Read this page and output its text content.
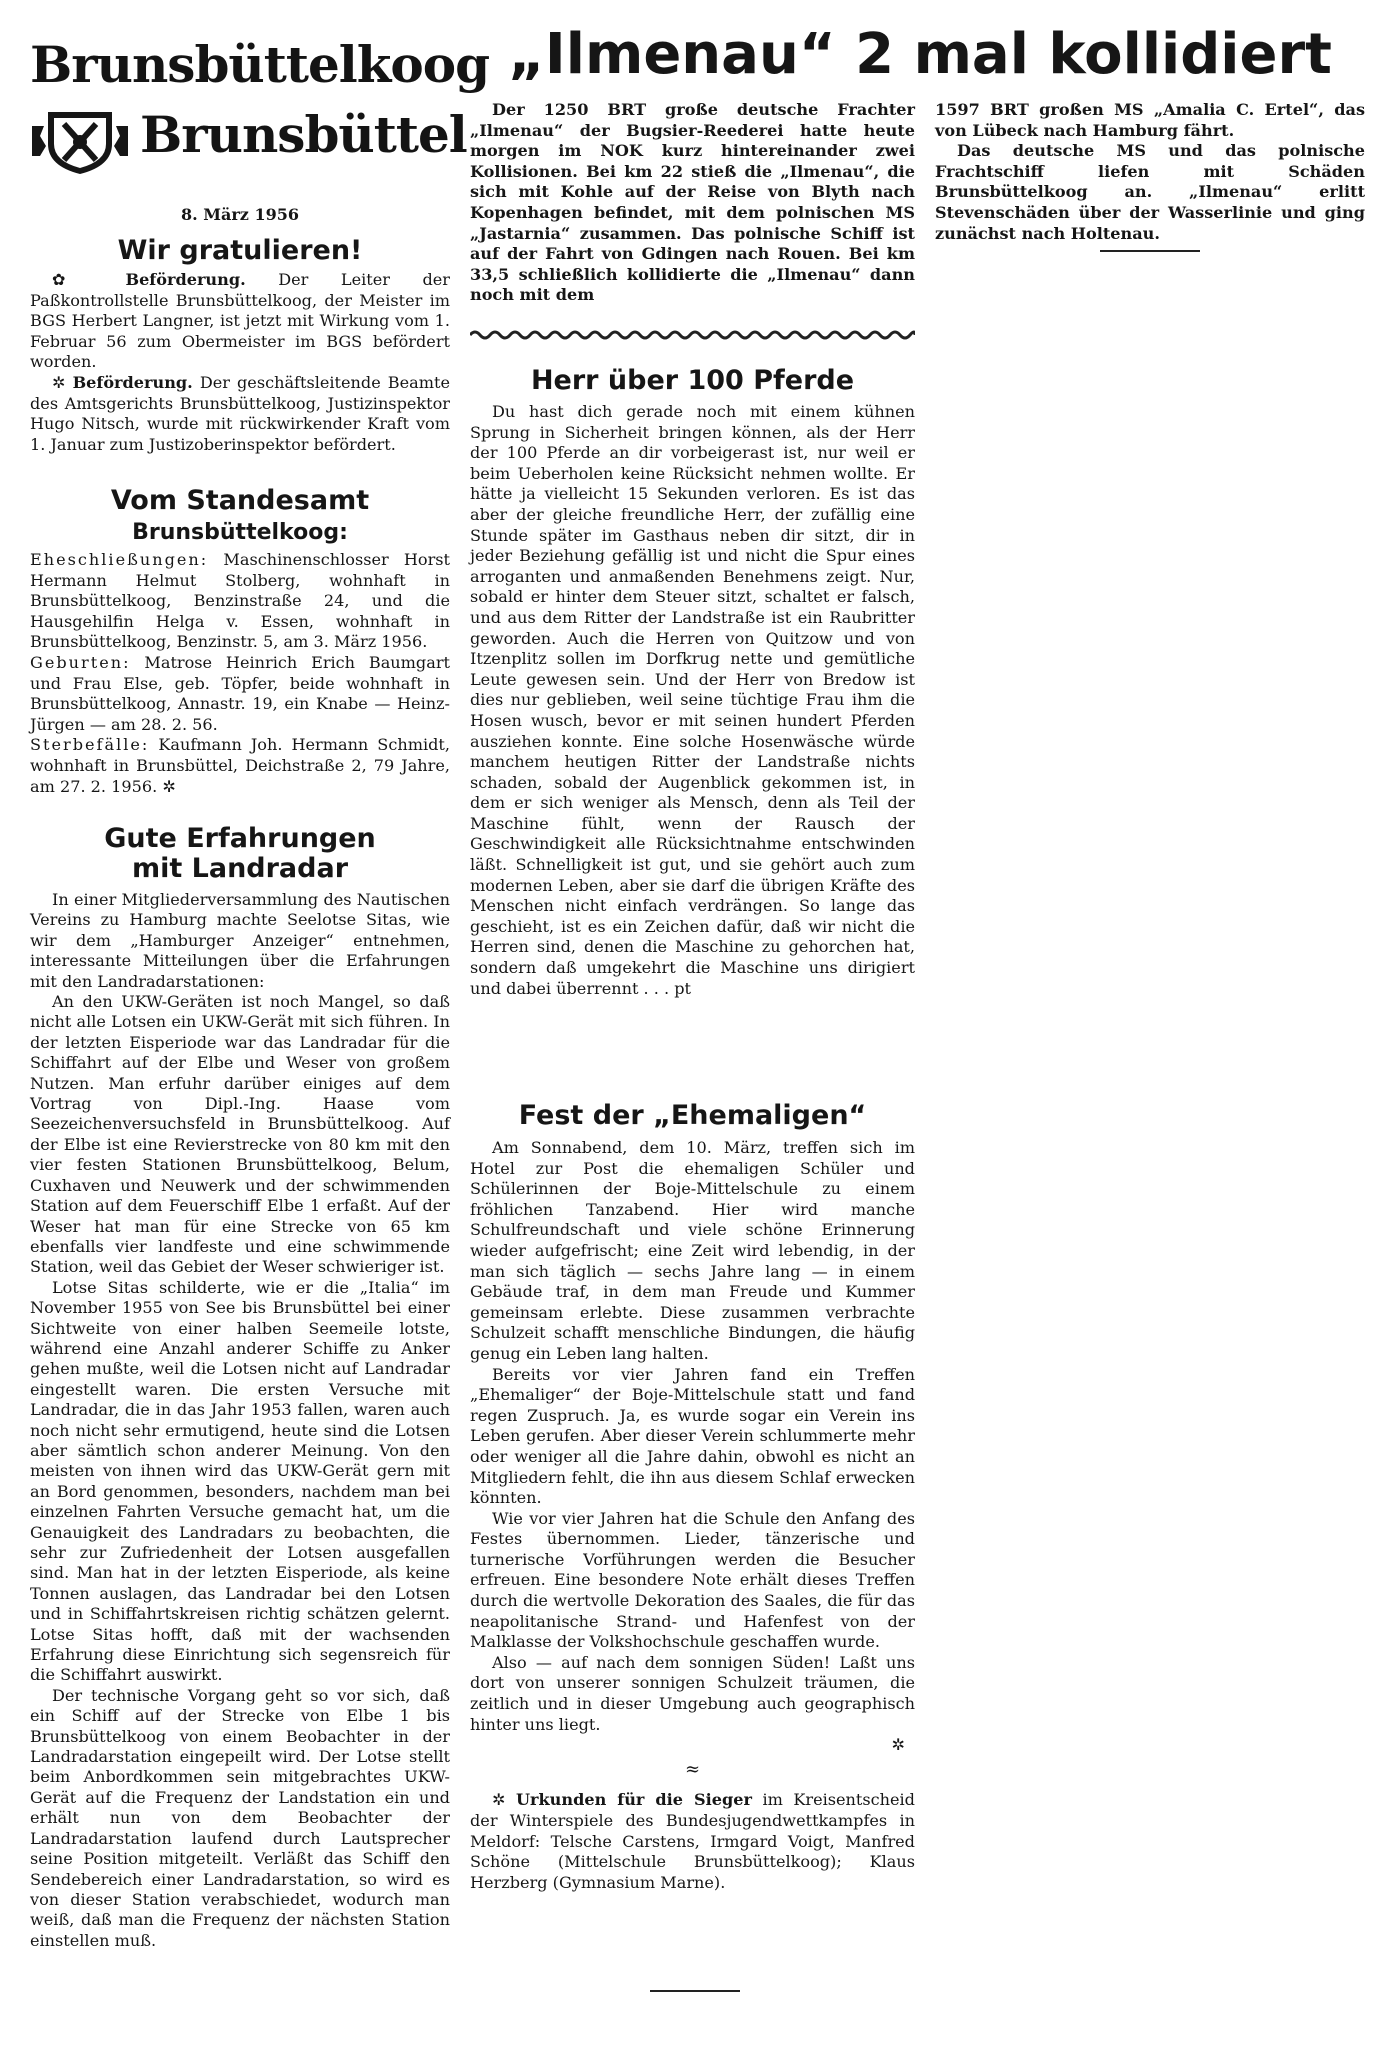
Brunsbüttelkoog
Brunsbüttel
8. März 1956
„Ilmenau“ 2 mal kollidiert
Wir gratulieren!

✿ Beförderung. Der Leiter der Paßkontrollstelle Brunsbüttelkoog, der Meister im BGS Herbert Langner, ist jetzt mit Wirkung vom 1. Februar 56 zum Obermeister im BGS befördert worden.

✲ Beförderung. Der geschäftsleitende Beamte des Amtsgerichts Brunsbüttelkoog, Justizinspektor Hugo Nitsch, wurde mit rückwirkender Kraft vom 1. Januar zum Justizoberinspektor befördert.

Vom Standesamt
Brunsbüttelkoog:

Eheschließungen: Maschinenschlosser Horst Hermann Helmut Stolberg, wohnhaft in Brunsbüttelkoog, Benzinstraße 24, und die Hausgehilfin Helga v. Essen, wohnhaft in Brunsbüttelkoog, Benzinstr. 5, am 3. März 1956.

Geburten: Matrose Heinrich Erich Baumgart und Frau Else, geb. Töpfer, beide wohnhaft in Brunsbüttelkoog, Annastr. 19, ein Knabe — Heinz-Jürgen — am 28. 2. 56.

Sterbefälle: Kaufmann Joh. Hermann Schmidt, wohnhaft in Brunsbüttel, Deichstraße 2, 79 Jahre, am 27. 2. 1956. ✲

Gute Erfahrungen
mit Landradar

In einer Mitgliederversammlung des Nautischen Vereins zu Hamburg machte Seelotse Sitas, wie wir dem „Hamburger Anzeiger“ entnehmen, interessante Mitteilungen über die Erfahrungen mit den Landradarstationen:

An den UKW-Geräten ist noch Mangel, so daß nicht alle Lotsen ein UKW-Gerät mit sich führen. In der letzten Eisperiode war das Landradar für die Schiffahrt auf der Elbe und Weser von großem Nutzen. Man erfuhr darüber einiges auf dem Vortrag von Dipl.-Ing. Haase vom Seezeichenversuchsfeld in Brunsbüttelkoog. Auf der Elbe ist eine Revierstrecke von 80 km mit den vier festen Stationen Brunsbüttelkoog, Belum, Cuxhaven und Neuwerk und der schwimmenden Station auf dem Feuerschiff Elbe 1 erfaßt. Auf der Weser hat man für eine Strecke von 65 km ebenfalls vier landfeste und eine schwimmende Station, weil das Gebiet der Weser schwieriger ist.

Lotse Sitas schilderte, wie er die „Italia“ im November 1955 von See bis Brunsbüttel bei einer Sichtweite von einer halben Seemeile lotste, während eine Anzahl anderer Schiffe zu Anker gehen mußte, weil die Lotsen nicht auf Landradar eingestellt waren. Die ersten Versuche mit Landradar, die in das Jahr 1953 fallen, waren auch noch nicht sehr ermutigend, heute sind die Lotsen aber sämtlich schon anderer Meinung. Von den meisten von ihnen wird das UKW-Gerät gern mit an Bord genommen, besonders, nachdem man bei einzelnen Fahrten Versuche gemacht hat, um die Genauigkeit des Landradars zu beobachten, die sehr zur Zufriedenheit der Lotsen ausgefallen sind. Man hat in der letzten Eisperiode, als keine Tonnen auslagen, das Landradar bei den Lotsen und in Schiffahrtskreisen richtig schätzen gelernt. Lotse Sitas hofft, daß mit der wachsenden Erfahrung diese Einrichtung sich segensreich für die Schiffahrt auswirkt.

Der technische Vorgang geht so vor sich, daß ein Schiff auf der Strecke von Elbe 1 bis Brunsbüttelkoog von einem Beobachter in der Landradarstation eingepeilt wird. Der Lotse stellt beim Anbordkommen sein mitgebrachtes UKW-Gerät auf die Frequenz der Landstation ein und erhält nun von dem Beobachter der Landradarstation laufend durch Lautsprecher seine Position mitgeteilt. Verläßt das Schiff den Sendebereich einer Landradarstation, so wird es von dieser Station verabschiedet, wodurch man weiß, daß man die Frequenz der nächsten Station einstellen muß.

Der 1250 BRT große deutsche Frachter „Ilmenau“ der Bugsier-Reederei hatte heute morgen im NOK kurz hintereinander zwei Kollisionen. Bei km 22 stieß die „Ilmenau“, die sich mit Kohle auf der Reise von Blyth nach Kopenhagen befindet, mit dem polnischen MS „Jastarnia“ zusammen. Das polnische Schiff ist auf der Fahrt von Gdingen nach Rouen. Bei km 33,5 schließlich kollidierte die „Ilmenau“ dann noch mit dem

1597 BRT großen MS „Amalia C. Ertel“, das von Lübeck nach Hamburg fährt.

Das deutsche MS und das polnische Frachtschiff liefen mit Schäden Brunsbüttelkoog an. „Ilmenau“ erlitt Stevenschäden über der Wasserlinie und ging zunächst nach Holtenau.

Herr über 100 Pferde

Du hast dich gerade noch mit einem kühnen Sprung in Sicherheit bringen können, als der Herr der 100 Pferde an dir vorbeigerast ist, nur weil er beim Ueberholen keine Rücksicht nehmen wollte. Er hätte ja vielleicht 15 Sekunden verloren. Es ist das aber der gleiche freundliche Herr, der zufällig eine Stunde später im Gasthaus neben dir sitzt, dir in jeder Beziehung gefällig ist und nicht die Spur eines arroganten und anmaßenden Benehmens zeigt. Nur, sobald er hinter dem Steuer sitzt, schaltet er falsch, und aus dem Ritter der Landstraße ist ein Raubritter geworden. Auch die Herren von Quitzow und von Itzenplitz sollen im Dorfkrug nette und gemütliche Leute gewesen sein. Und der Herr von Bredow ist dies nur geblieben, weil seine tüchtige Frau ihm die Hosen wusch, bevor er mit seinen hundert Pferden ausziehen konnte. Eine solche Hosenwäsche würde manchem heutigen Ritter der Landstraße nichts schaden, sobald der Augenblick gekommen ist, in dem er sich weniger als Mensch, denn als Teil der Maschine fühlt, wenn der Rausch der Geschwindigkeit alle Rücksichtnahme entschwinden läßt. Schnelligkeit ist gut, und sie gehört auch zum modernen Leben, aber sie darf die übrigen Kräfte des Menschen nicht einfach verdrängen. So lange das geschieht, ist es ein Zeichen dafür, daß wir nicht die Herren sind, denen die Maschine zu gehorchen hat, sondern daß umgekehrt die Maschine uns dirigiert und dabei überrennt . . . pt

Fest der „Ehemaligen“

Am Sonnabend, dem 10. März, treffen sich im Hotel zur Post die ehemaligen Schüler und Schülerinnen der Boje-Mittelschule zu einem fröhlichen Tanzabend. Hier wird manche Schulfreundschaft und viele schöne Erinnerung wieder aufgefrischt; eine Zeit wird lebendig, in der man sich täglich — sechs Jahre lang — in einem Gebäude traf, in dem man Freude und Kummer gemeinsam erlebte. Diese zusammen verbrachte Schulzeit schafft menschliche Bindungen, die häufig genug ein Leben lang halten.

Bereits vor vier Jahren fand ein Treffen „Ehemaliger“ der Boje-Mittelschule statt und fand regen Zuspruch. Ja, es wurde sogar ein Verein ins Leben gerufen. Aber dieser Verein schlummerte mehr oder weniger all die Jahre dahin, obwohl es nicht an Mitgliedern fehlt, die ihn aus diesem Schlaf erwecken könnten.

Wie vor vier Jahren hat die Schule den Anfang des Festes übernommen. Lieder, tänzerische und turnerische Vorführungen werden die Besucher erfreuen. Eine besondere Note erhält dieses Treffen durch die wertvolle Dekoration des Saales, die für das neapolitanische Strand- und Hafenfest von der Malklasse der Volkshochschule geschaffen wurde.

Also — auf nach dem sonnigen Süden! Laßt uns dort von unserer sonnigen Schulzeit träumen, die zeitlich und in dieser Umgebung auch geographisch hinter uns liegt.

✲
≈

✲ Urkunden für die Sieger im Kreisentscheid der Winterspiele des Bundesjugendwettkampfes in Meldorf: Telsche Carstens, Irmgard Voigt, Manfred Schöne (Mittelschule Brunsbüttelkoog); Klaus Herzberg (Gymnasium Marne).
